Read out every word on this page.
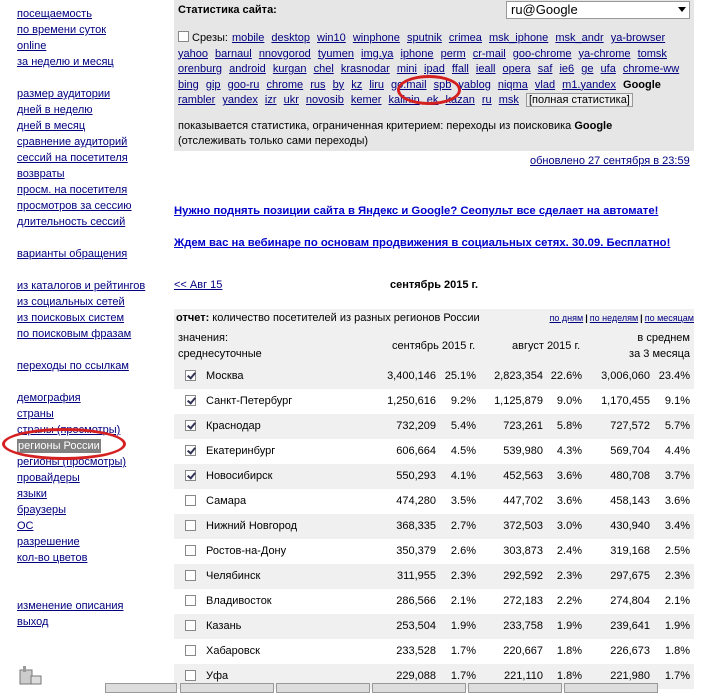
посещаемость
по времени суток
online
за неделю и месяц
размер аудитории
дней в неделю
дней в месяц
сравнение аудиторий
сессий на посетителя
возвраты
просм. на посетителя
просмотров за сессию
длительность сессий
варианты обращения
из каталогов и рейтингов
из социальных сетей
из поисковых систем
по поисковым фразам
переходы по ссылкам
демография
страны
страны (просмотры)
регионы России
регионы (просмотры)
провайдеры
языки
браузеры
ОС
разрешение
кол-во цветов
изменение описания
выход
Статистика сайта:	ru@Google
Срезы: mobile desktop win10 winphone sputnik crimea msk_iphone msk_andr ya-browser yahoo barnaul nnovgorod tyumen img.ya iphone perm cr-mail goo-chrome ya-chrome tomsk orenburg android kurgan chel krasnodar mini ipad ffall ieall opera saf ie6 ge ufa chrome-ww bing gip goo-ru chrome rus by kz liru go.mail spb yablog niqma vlad m1.yandex Google rambler yandex izr ukr novosib kemer kalinin ek kazan ru msk [полная статистика]
показывается статистика, ограниченная критерием: переходы из поисковика Google
(отслеживать только сами переходы)
обновлено 27 сентября в 23:59
Нужно поднять позиции сайта в Яндекс и Google? Сеопульт все сделает на автомате!
Ждем вас на вебинаре по основам продвижения в социальных сетях. 30.09. Бесплатно!
<< Авг 15	сентябрь 2015 г.
отчет: количество посетителей из разных регионов России	по дням | по неделям | по месяцам
значения:
среднесуточные
сентябрь 2015 г.	август 2015 г.
в среднем
за 3 месяца
Москва	3,400,146 25.1% 2,823,354 22.6% 3,006,060 23.4%
Санкт-Петербург	1,250,616 9.2% 1,125,879 9.0% 1,170,455 9.1%
Краснодар	732,209 5.4% 723,261 5.8%	727,572 5.7%
Екатеринбург	606,664 4.5% 539,980 4.3%	569,704 4.4%
Новосибирск	550,293 4.1% 452,563 3.6%	480,708 3.7%
Самара	474,280 3.5% 447,702 3.6%	458,143 3.6%
Нижний Новгород	368,335 2.7% 372,503 3.0%	430,940 3.4%
Ростов-на-Дону	350,379 2.6% 303,873 2.4%	319,168 2.5%
Челябинск	311,955 2.3% 292,592 2.3%	297,675 2.3%
Владивосток	286,566 2.1% 272,183 2.2%	274,804 2.1%
Казань	253,504 1.9% 233,758 1.9%	239,641 1.9%
Хабаровск	233,528 1.7% 220,667 1.8%	226,673 1.8%
Уфа	229,088 1.7%	221,110 1.8%	221,980 1.7%
